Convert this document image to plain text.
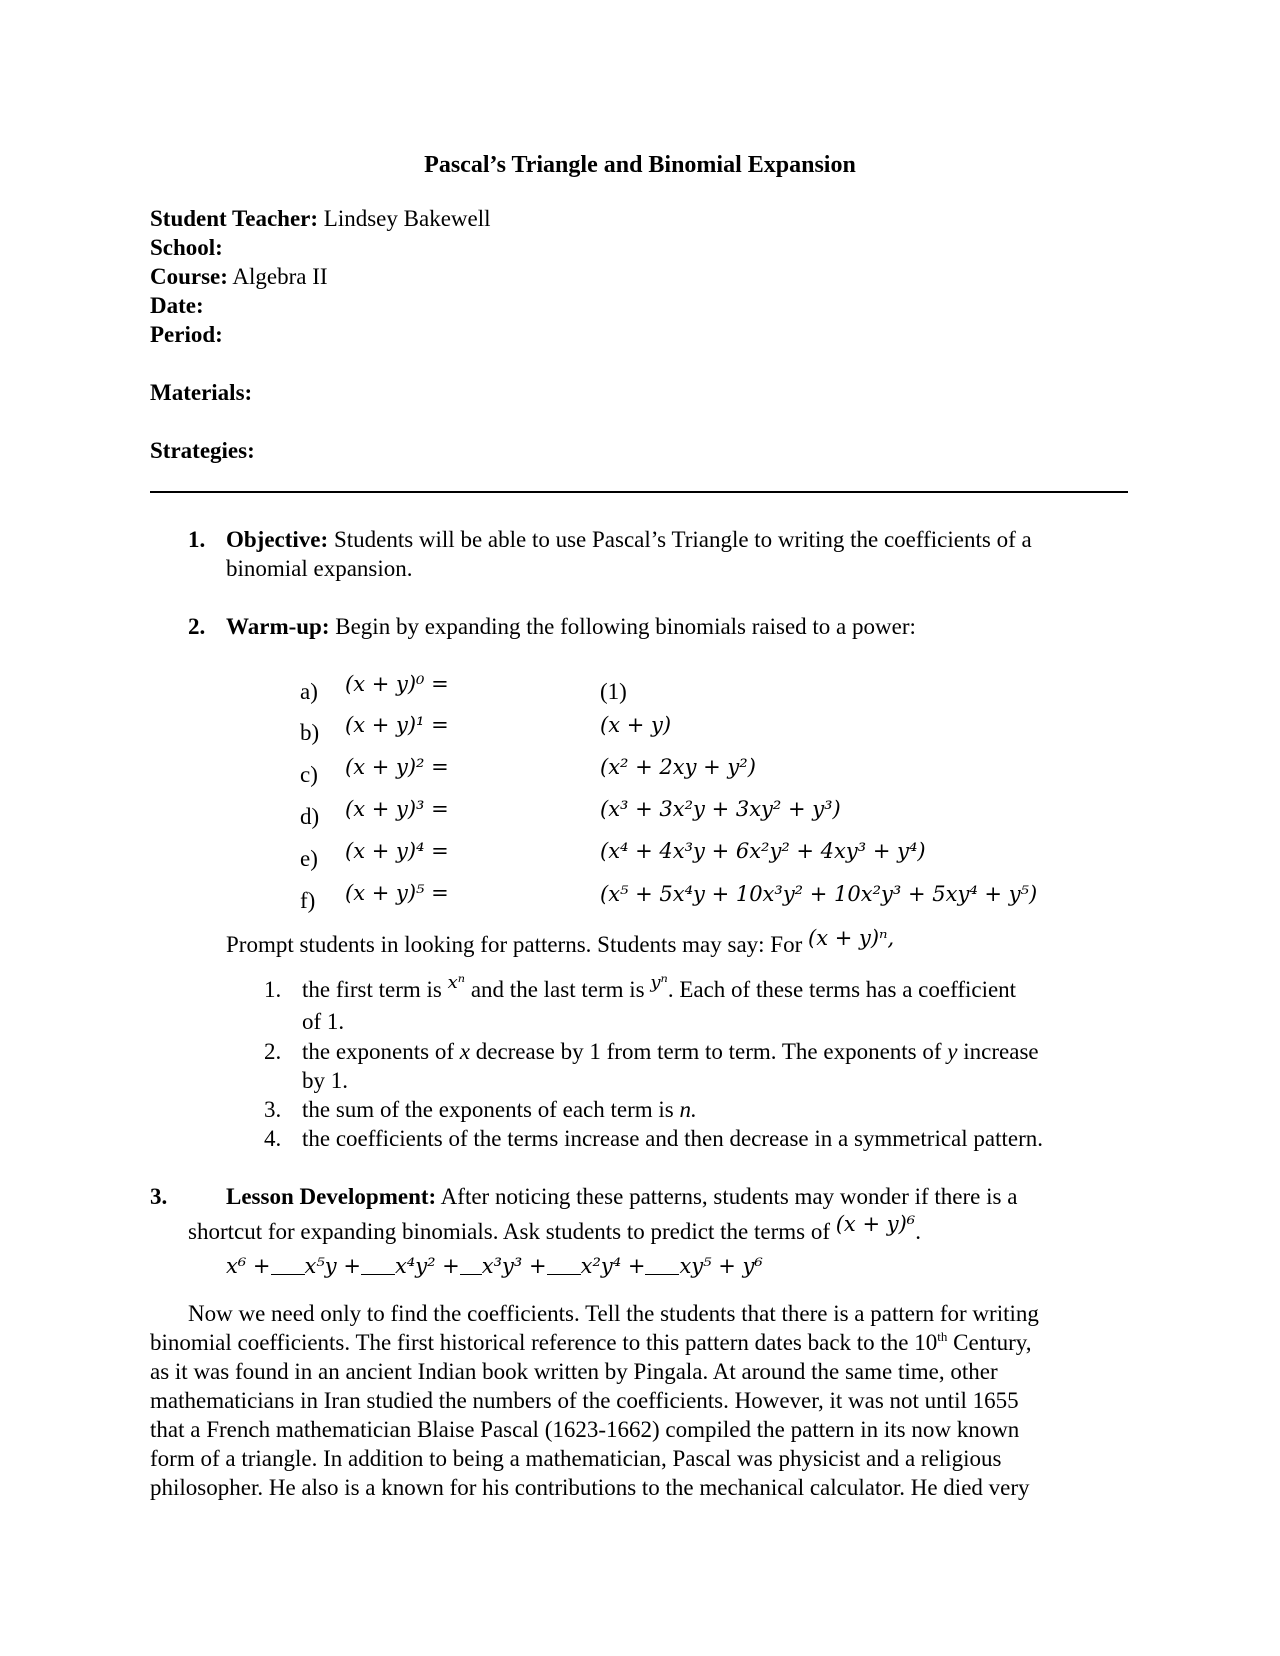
Pascal’s Triangle and Binomial Expansion
Student Teacher: Lindsey Bakewell
School:
Course: Algebra II
Date:
Period:
Materials:
Strategies:
1. Objective: Students will be able to use Pascal’s Triangle to writing the coefficients of a
binomial expansion.
2. Warm-up: Begin by expanding the following binomials raised to a power:
a) (x + y)⁰ =	(1)
b) (x + y)¹ =	(x + y)
c) (x + y)² =	(x² + 2xy + y²)
d) (x + y)³ =	(x³ + 3x²y + 3xy² + y³)
e) (x + y)⁴ =	(x⁴ + 4x³y + 6x²y² + 4xy³ + y⁴)
f) (x + y)⁵ =	(x⁵ + 5x⁴y + 10x³y² + 10x²y³ + 5xy⁴ + y⁵)
Prompt students in looking for patterns. Students may say: For (x + y)ⁿ,
1. the first term is $^{x^n}$ and the last term is $^{y^n}$. Each of these terms has a coefficient
of 1.
2. the exponents of x decrease by 1 from term to term. The exponents of y increase
by 1.
3. the sum of the exponents of each term is n.
4. the coefficients of the terms increase and then decrease in a symmetrical pattern.
3.	Lesson Development: After noticing these patterns, students may wonder if there is a
shortcut for expanding binomials. Ask students to predict the terms of (x + y)⁶.
x⁶ + x⁵y + x⁴y² + x³y³ + x²y⁴ + xy⁵ + y⁶
Now we need only to find the coefficients. Tell the students that there is a pattern for writing
binomial coefficients. The first historical reference to this pattern dates back to the 10th Century,
as it was found in an ancient Indian book written by Pingala. At around the same time, other
mathematicians in Iran studied the numbers of the coefficients. However, it was not until 1655
that a French mathematician Blaise Pascal (1623-1662) compiled the pattern in its now known
form of a triangle. In addition to being a mathematician, Pascal was physicist and a religious
philosopher. He also is a known for his contributions to the mechanical calculator. He died very
